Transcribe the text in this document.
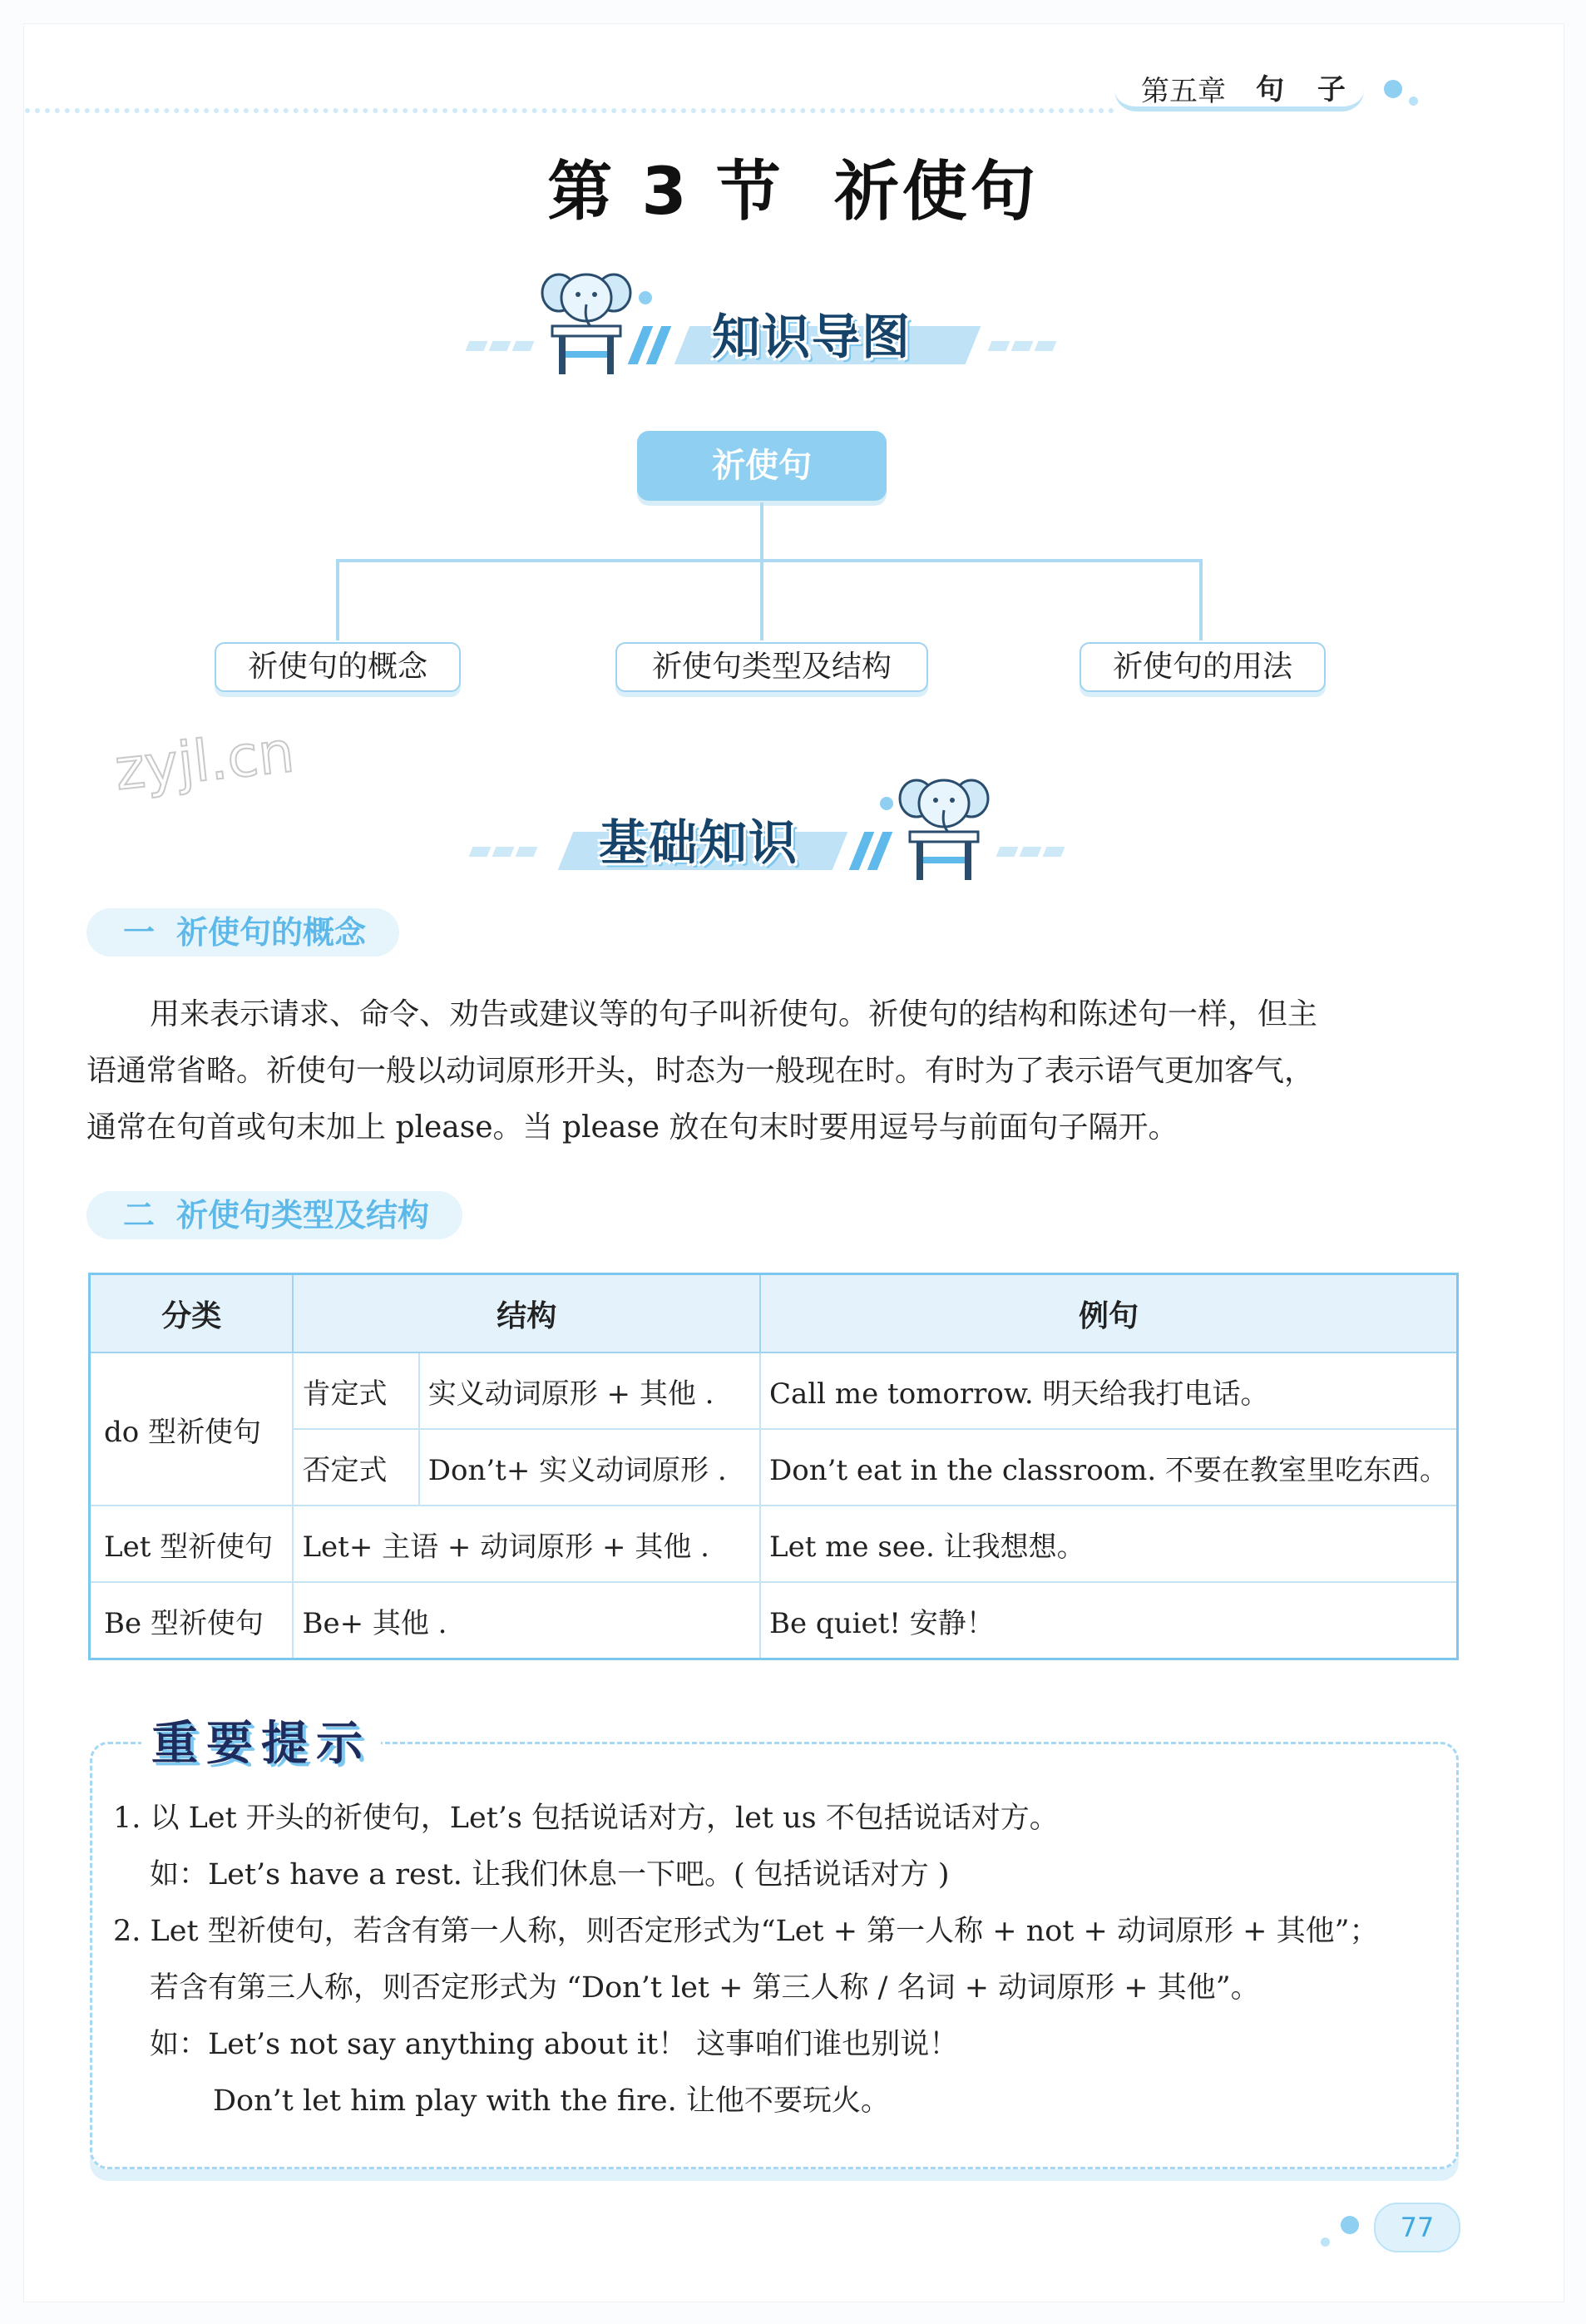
第五章 句 子
第 3 节 祈使句
知识导图
祈使句
祈使句的概念	祈使句类型及结构	祈使句的用法
zyjl.cn
基础知识
一 祈使句的概念
用来表示请求、命令、劝告或建议等的句子叫祈使句。祈使句的结构和陈述句一样，但主
语通常省略。祈使句一般以动词原形开头，时态为一般现在时。有时为了表示语气更加客气，
通常在句首或句末加上 please。当 please 放在句末时要用逗号与前面句子隔开。
二 祈使句类型及结构
分类	结构		例句
do 型祈使句	肯定式	实义动词原形 + 其他 .	Call me tomorrow. 明天给我打电话。
	否定式	Don’t+ 实义动词原形 .	Don’t eat in the classroom. 不要在教室里吃东西。
Let 型祈使句	Let+ 主语 + 动词原形 + 其他 .		Let me see. 让我想想。
Be 型祈使句	Be+ 其他 .		Be quiet! 安静！
重要提示
1. 以 Let 开头的祈使句，Let’s 包括说话对方，let us 不包括说话对方。
如：Let’s have a rest. 让我们休息一下吧。( 包括说话对方 )
2. Let 型祈使句，若含有第一人称，则否定形式为“Let + 第一人称 + not + 动词原形 + 其他”；
若含有第三人称，则否定形式为 “Don’t let + 第三人称 / 名词 + 动词原形 + 其他”。
如：Let’s not say anything about it！ 这事咱们谁也别说！
Don’t let him play with the fire. 让他不要玩火。
77
